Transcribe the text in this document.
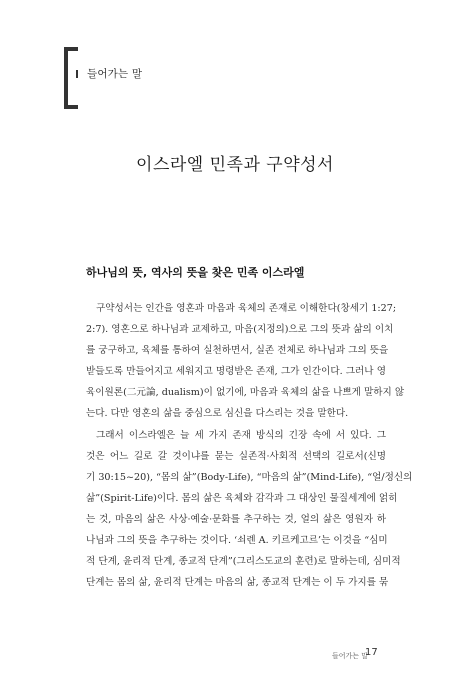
들어가는 말
이스라엘 민족과 구약성서
하나님의 뜻, 역사의 뜻을 찾은 민족 이스라엘
구약성서는 인간을 영혼과 마음과 육체의 존재로 이해한다(창세기 1:27;
2:7). 영혼으로 하나님과 교제하고, 마음(지정의)으로 그의 뜻과 삶의 이치
를 궁구하고, 육체를 통하여 실천하면서, 실존 전체로 하나님과 그의 뜻을
받들도록 만들어지고 세워지고 명령받은 존재, 그가 인간이다. 그러나 영
육이원론(二元論, dualism)이 없기에, 마음과 육체의 삶을 나쁘게 말하지 않
는다. 다만 영혼의 삶을 중심으로 심신을 다스리는 것을 말한다.
그래서 이스라엘은 늘 세 가지 존재 방식의 긴장 속에 서 있다. 그
것은 어느 길로 갈 것이냐를 묻는 실존적·사회적 선택의 길로서(신명
기 30:15~20), “몸의 삶”(Body-Life), “마음의 삶”(Mind-Life), “얼/정신의
삶”(Spirit-Life)이다. 몸의 삶은 육체와 감각과 그 대상인 물질세계에 얽히
는 것, 마음의 삶은 사상·예술·문화를 추구하는 것, 얼의 삶은 영원자 하
나님과 그의 뜻을 추구하는 것이다. ‘쇠렌 A. 키르케고르’는 이것을 “심미
적 단계, 윤리적 단계, 종교적 단계”(그리스도교의 훈련)로 말하는데, 심미적
단계는 몸의 삶, 윤리적 단계는 마음의 삶, 종교적 단계는 이 두 가지를 묶
들어가는 말
17
